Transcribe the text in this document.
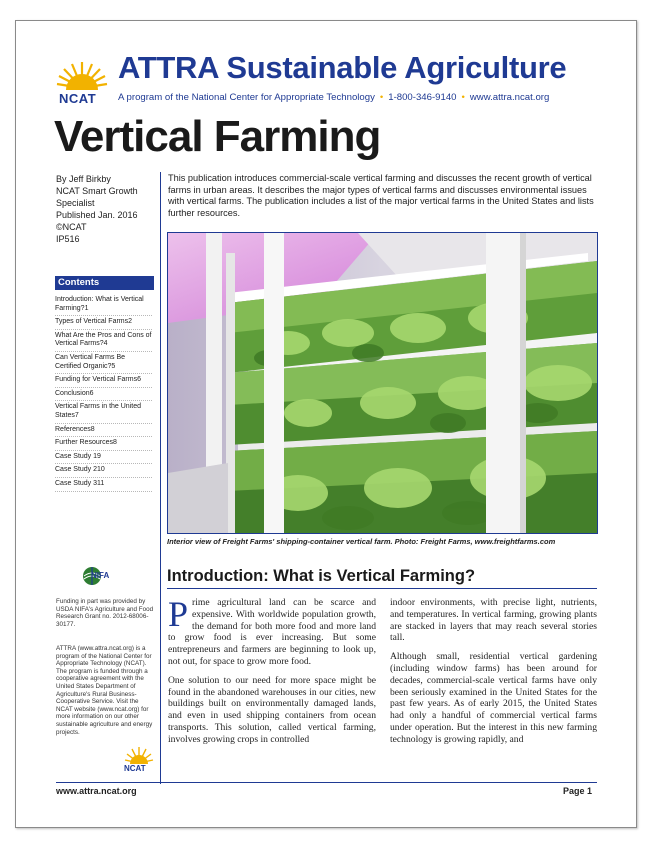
NCAT
ATTRA Sustainable Agriculture
A program of the National Center for Appropriate Technology • 1-800-346-9140 • www.attra.ncat.org
Vertical Farming
By Jeff Birkby
NCAT Smart Growth
Specialist
Published Jan. 2016
©NCAT
IP516
Contents
Introduction: What is Vertical Farming?1
Types of Vertical Farms2
What Are the Pros and Cons of Vertical Farms?4
Can Vertical Farms Be Certified Organic?5
Funding for Vertical Farms6
Conclusion6
Vertical Farms in the United States7
References8
Further Resources8
Case Study 19
Case Study 210
Case Study 311
NIFA
Funding in part was provided by USDA NIFA's Agriculture and Food Research Grant no. 2012-68006-30177.
ATTRA (www.attra.ncat.org) is a program of the National Center for Appropriate Technology (NCAT). The program is funded through a cooperative agreement with the United States Department of Agriculture's Rural Business-Cooperative Service. Visit the NCAT website (www.ncat.org) for more information on our other sustainable agriculture and energy projects.
NCAT
This publication introduces commercial-scale vertical farming and discusses the recent growth of vertical farms in urban areas. It describes the major types of vertical farms and discusses environmental issues with vertical farms. The publication includes a list of the major vertical farms in the United States and lists further resources.
Interior view of Freight Farms' shipping-container vertical farm. Photo: Freight Farms, www.freightfarms.com
Introduction: What is Vertical Farming?

Prime agricultural land can be scarce and expensive. With worldwide population growth, the demand for both more food and more land to grow food is ever increasing. But some entrepreneurs and farmers are beginning to look up, not out, for space to grow more food.

One solution to our need for more space might be found in the abandoned warehouses in our cities, new buildings built on environmentally damaged lands, and even in used shipping containers from ocean transports. This solution, called vertical farming, involves growing crops in controlled

indoor environments, with precise light, nutrients, and temperatures. In vertical farming, growing plants are stacked in layers that may reach several stories tall.

Although small, residential vertical gardening (including window farms) has been around for decades, commercial-scale vertical farms have only been seriously examined in the United States for the past few years. As of early 2015, the United States had only a handful of commercial vertical farms under operation. But the interest in this new farming technology is growing rapidly, and

www.attra.ncat.org	Page 1
